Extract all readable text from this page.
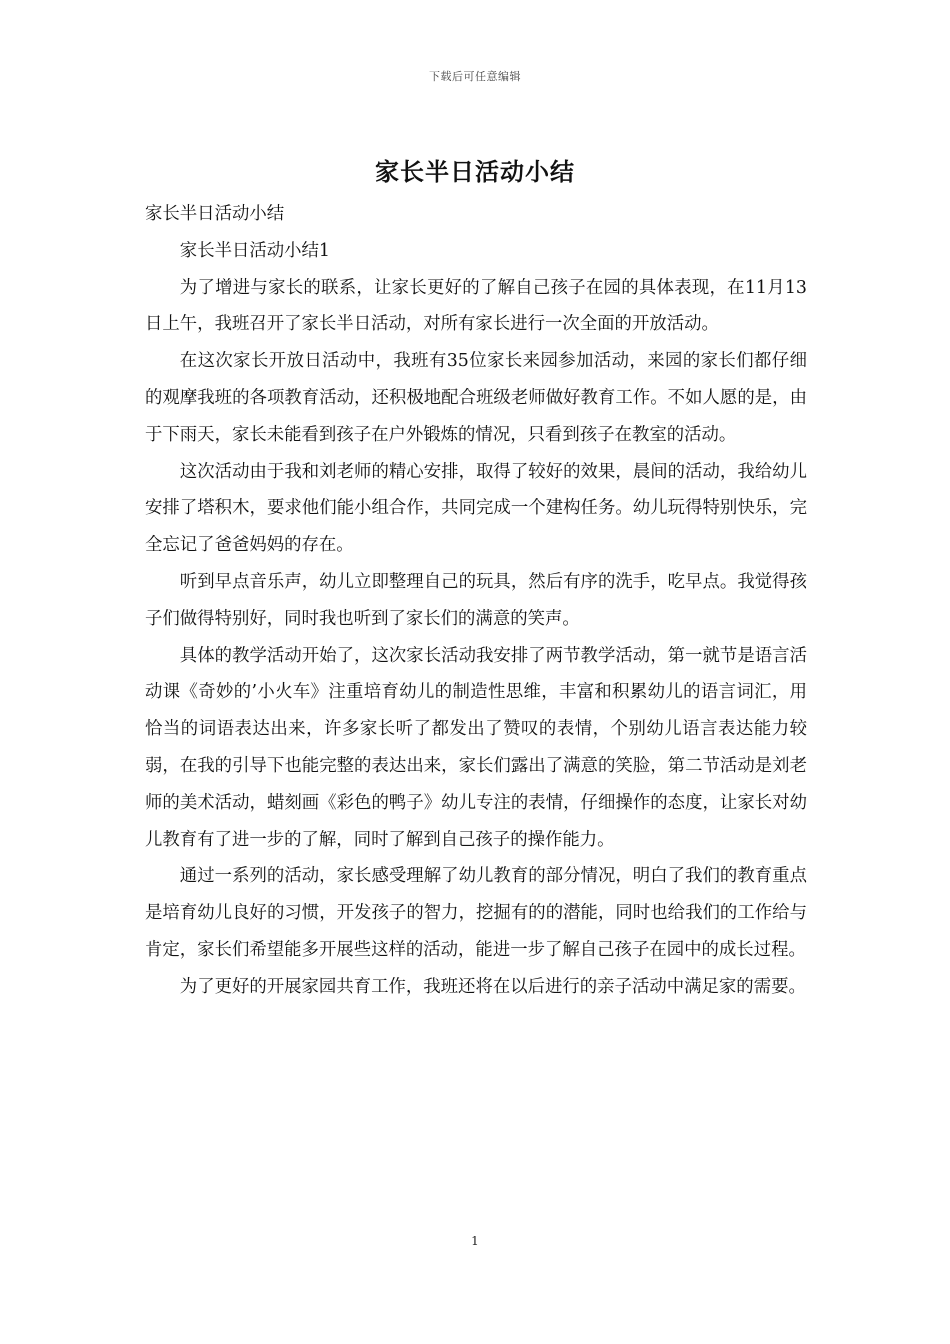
下载后可任意编辑
家长半日活动小结

家长半日活动小结

家长半日活动小结1

为了增进与家长的联系，让家长更好的了解自己孩子在园的具体表现，在11月13日上午，我班召开了家长半日活动，对所有家长进行一次全面的开放活动。

在这次家长开放日活动中，我班有35位家长来园参加活动，来园的家长们都仔细的观摩我班的各项教育活动，还积极地配合班级老师做好教育工作。不如人愿的是，由于下雨天，家长未能看到孩子在户外锻炼的情况，只看到孩子在教室的活动。

这次活动由于我和刘老师的精心安排，取得了较好的效果，晨间的活动，我给幼儿安排了塔积木，要求他们能小组合作，共同完成一个建构任务。幼儿玩得特别快乐，完全忘记了爸爸妈妈的存在。

听到早点音乐声，幼儿立即整理自己的玩具，然后有序的洗手，吃早点。我觉得孩子们做得特别好，同时我也听到了家长们的满意的笑声。

具体的教学活动开始了，这次家长活动我安排了两节教学活动，第一就节是语言活动课《奇妙的’小火车》注重培育幼儿的制造性思维，丰富和积累幼儿的语言词汇，用恰当的词语表达出来，许多家长听了都发出了赞叹的表情，个别幼儿语言表达能力较弱，在我的引导下也能完整的表达出来，家长们露出了满意的笑脸，第二节活动是刘老师的美术活动，蜡刻画《彩色的鸭子》幼儿专注的表情，仔细操作的态度，让家长对幼儿教育有了进一步的了解，同时了解到自己孩子的操作能力。

通过一系列的活动，家长感受理解了幼儿教育的部分情况，明白了我们的教育重点是培育幼儿良好的习惯，开发孩子的智力，挖掘有的的潜能，同时也给我们的工作给与肯定，家长们希望能多开展些这样的活动，能进一步了解自己孩子在园中的成长过程。

为了更好的开展家园共育工作，我班还将在以后进行的亲子活动中满足家的需要。

1
